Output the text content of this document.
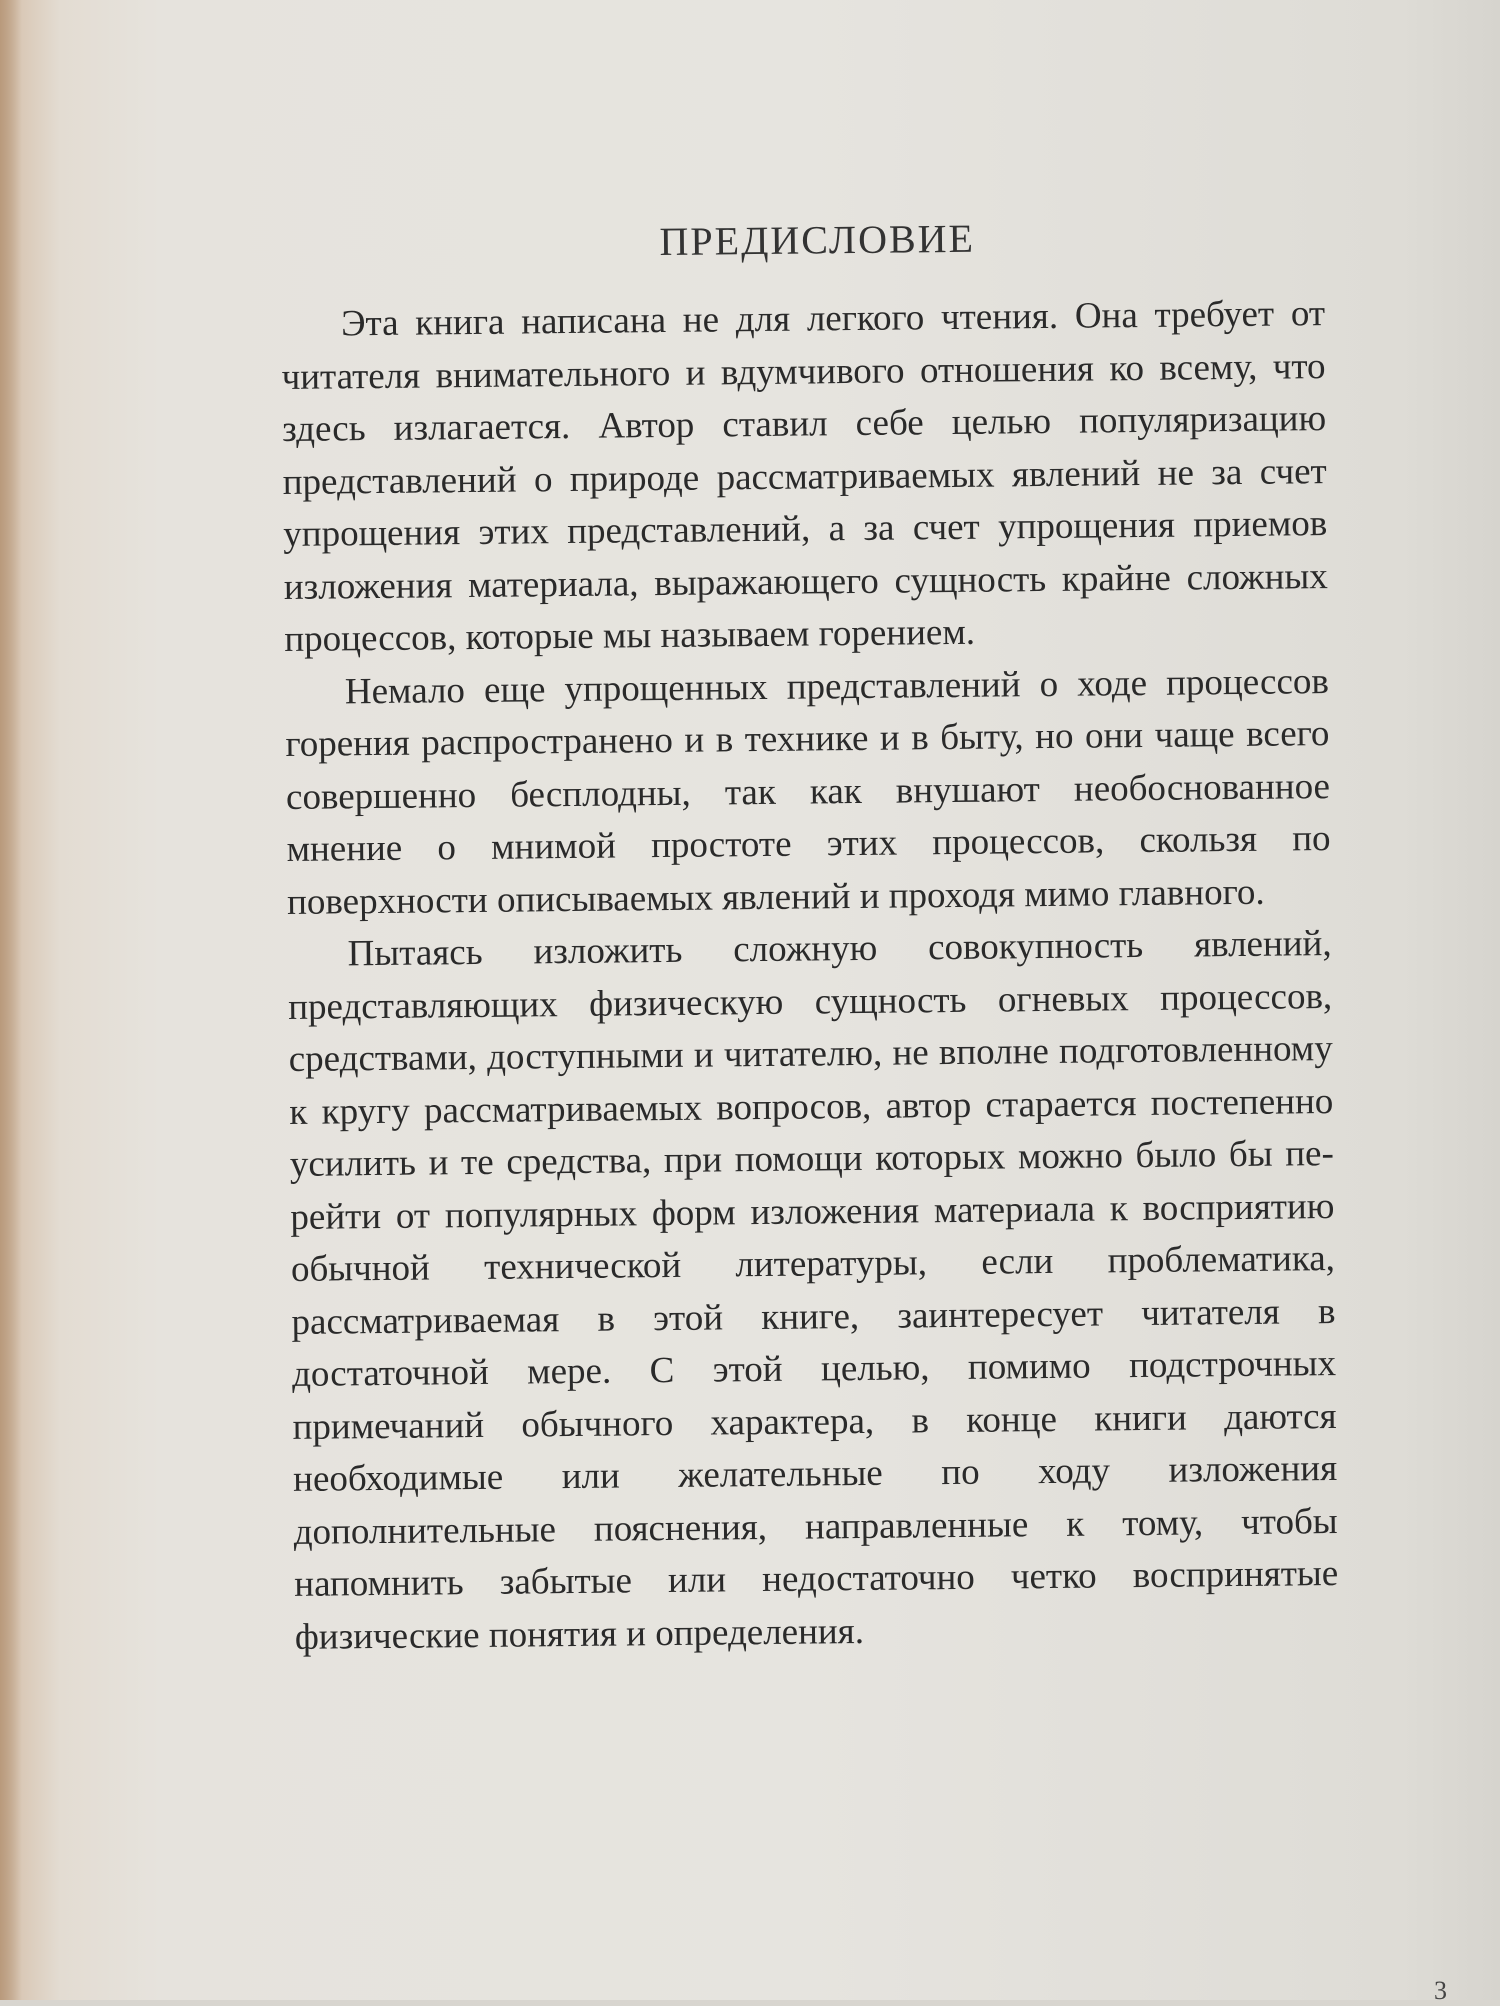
ПРЕДИСЛОВИЕ

Эта книга написана не для легкого чтения. Она требует от читателя внимательного и вдумчивого отношения ко всему, что здесь излагается. Автор ставил себе целью популяризацию представлений о природе рассматриваемых явлений не за счет упрощения этих представлений, а за счет упрощения приемов изложения материала, выражающего сущность крайне сложных процессов, которые мы называем горением.

Немало еще упрощенных представлений о ходе процессов горения распространено и в технике и в быту, но они чаще всего совершенно бесплодны, так как внушают необоснованное мнение о мнимой простоте этих процессов, скользя по поверхности описываемых явлений и проходя мимо главного.

Пытаясь изложить сложную совокупность явлений, представляющих физическую сущность огневых процессов, средствами, доступными и читателю, не вполне подготовленному к кругу рассматриваемых вопросов, автор старается постепенно усилить и те средства, при помощи которых можно было бы перейти от популярных форм изложения материала к восприятию обычной технической литературы, если проблематика, рассматриваемая в этой книге, заинтересует читателя в достаточной мере. С этой целью, помимо подстрочных примечаний обычного характера, в конце книги даются необходимые или желательные по ходу изложения дополнительные пояснения, направленные к тому, чтобы напомнить забытые или недостаточно четко воспринятые физические понятия и определения.

3
